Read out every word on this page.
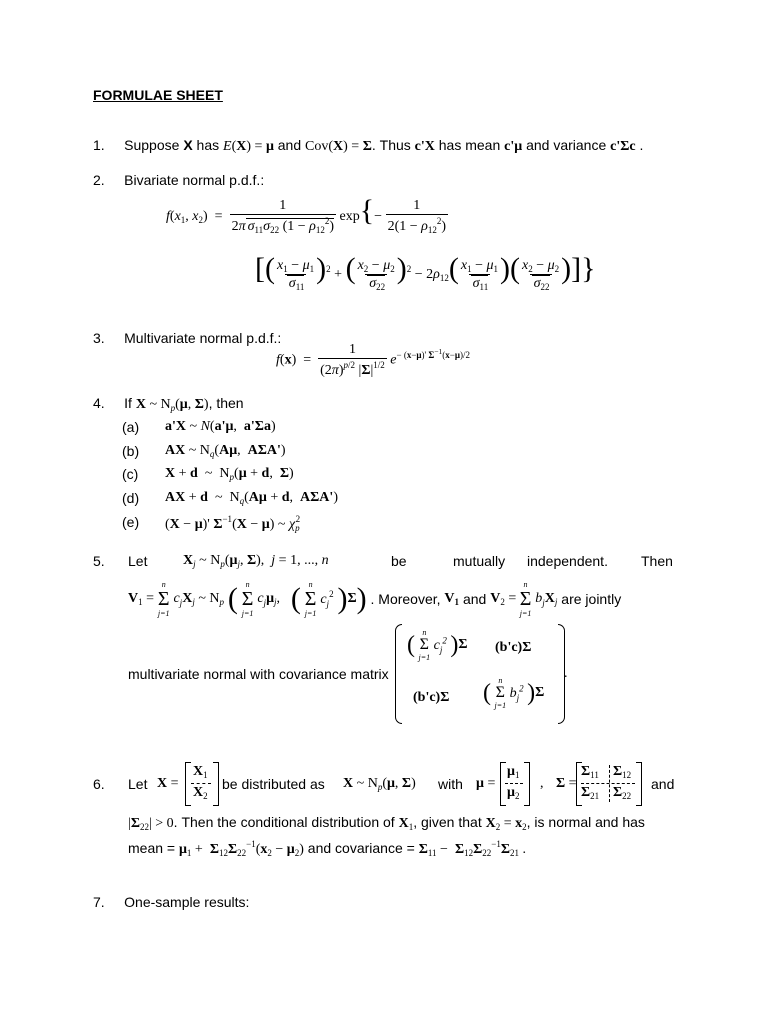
FORMULAE SHEET
1. Suppose X has E(X) = μ and Cov(X) = Σ. Thus c'X has mean c'μ and variance c'Σc .
2. Bivariate normal p.d.f.:
$f(x_1$, $x_2) = \frac{1}{2\pi \sigma_{11}\sigma_{22} (1 - \rho_{12}^2)} \exp\{- \frac{1}{2(1 - \rho_{12}^2)}$
[( $\frac{x_1 - \mu_1}{\sigma_{11}} )^2$ + ( $\frac{x_2 - \mu_2}{\sigma_{22}} )^2 - 2\rho_{12}( \frac{x_1 - \mu_1}{\sigma_{11}}$ )( $\frac{x_2 - \mu_2}{\sigma_{22}}$ )]}
3. Multivariate normal p.d.f.:
$f(x) = \frac{1}{(2\pi)^{p/2} |\Sigma|^{1/2}} e^{- (x-\mu)' \Sigma^{-1}(x-\mu)/2}$
4. If X ~ $N_p(\mu$, Σ), then
(a) a'X ~ N(a'μ,  a'Σa)
(b) AX ~ $N_q(A\mu$,  AΣA')
(c) X + d  ~  $N_p(\mu + d$,  Σ)
(d) AX + d  ~  $N_q(A\mu + d$,  AΣA')
(e) (X − μ)' $\Sigma^{-1}(X - \mu)$ ~ $\chi_p^2$
5. Let	$X_j$ ~ $N_p(\mu_j$, Σ),  j = 1, ..., n	be	mutually independent. Then
$V_1$ =
n
Σ
j=1
$c_jX_j$ ~ $N_p$ ( n
Σ
j=1
$c_j\mu_j$,   ( n
Σ
j=1
$c_j^2$ )Σ) . Moreover, $V_1$ and $V_2$ =
n
Σ
j=1
$b_jX_j$ are jointly
multivariate normal with covariance matrix
( n
Σ
j=1
$c_j^2$ )Σ (b'c)Σ
(b'c)Σ ( n
Σ
j=1
$b_j^2$ )Σ
.
6. Let X =
$X_1$
$X_2$
be distributed as X ~ $N_p(\mu$, Σ) with μ =
$\mu_1$
$\mu_2$
, Σ =
$\Sigma_{11}$ $\Sigma_{12}$
$\Sigma_{21}$ $\Sigma_{22}$
and
$|\Sigma_{22}| > 0$. Then the conditional distribution of $X_1$, given that $X_2 = x_2$, is normal and has
mean = $\mu_1 + \Sigma_{12}\Sigma_{22}^{-1}(x_2 - \mu_2)$ and covariance = $\Sigma_{11} - \Sigma_{12}\Sigma_{22}^{-1}\Sigma_{21}$ .
7. One-sample results:
